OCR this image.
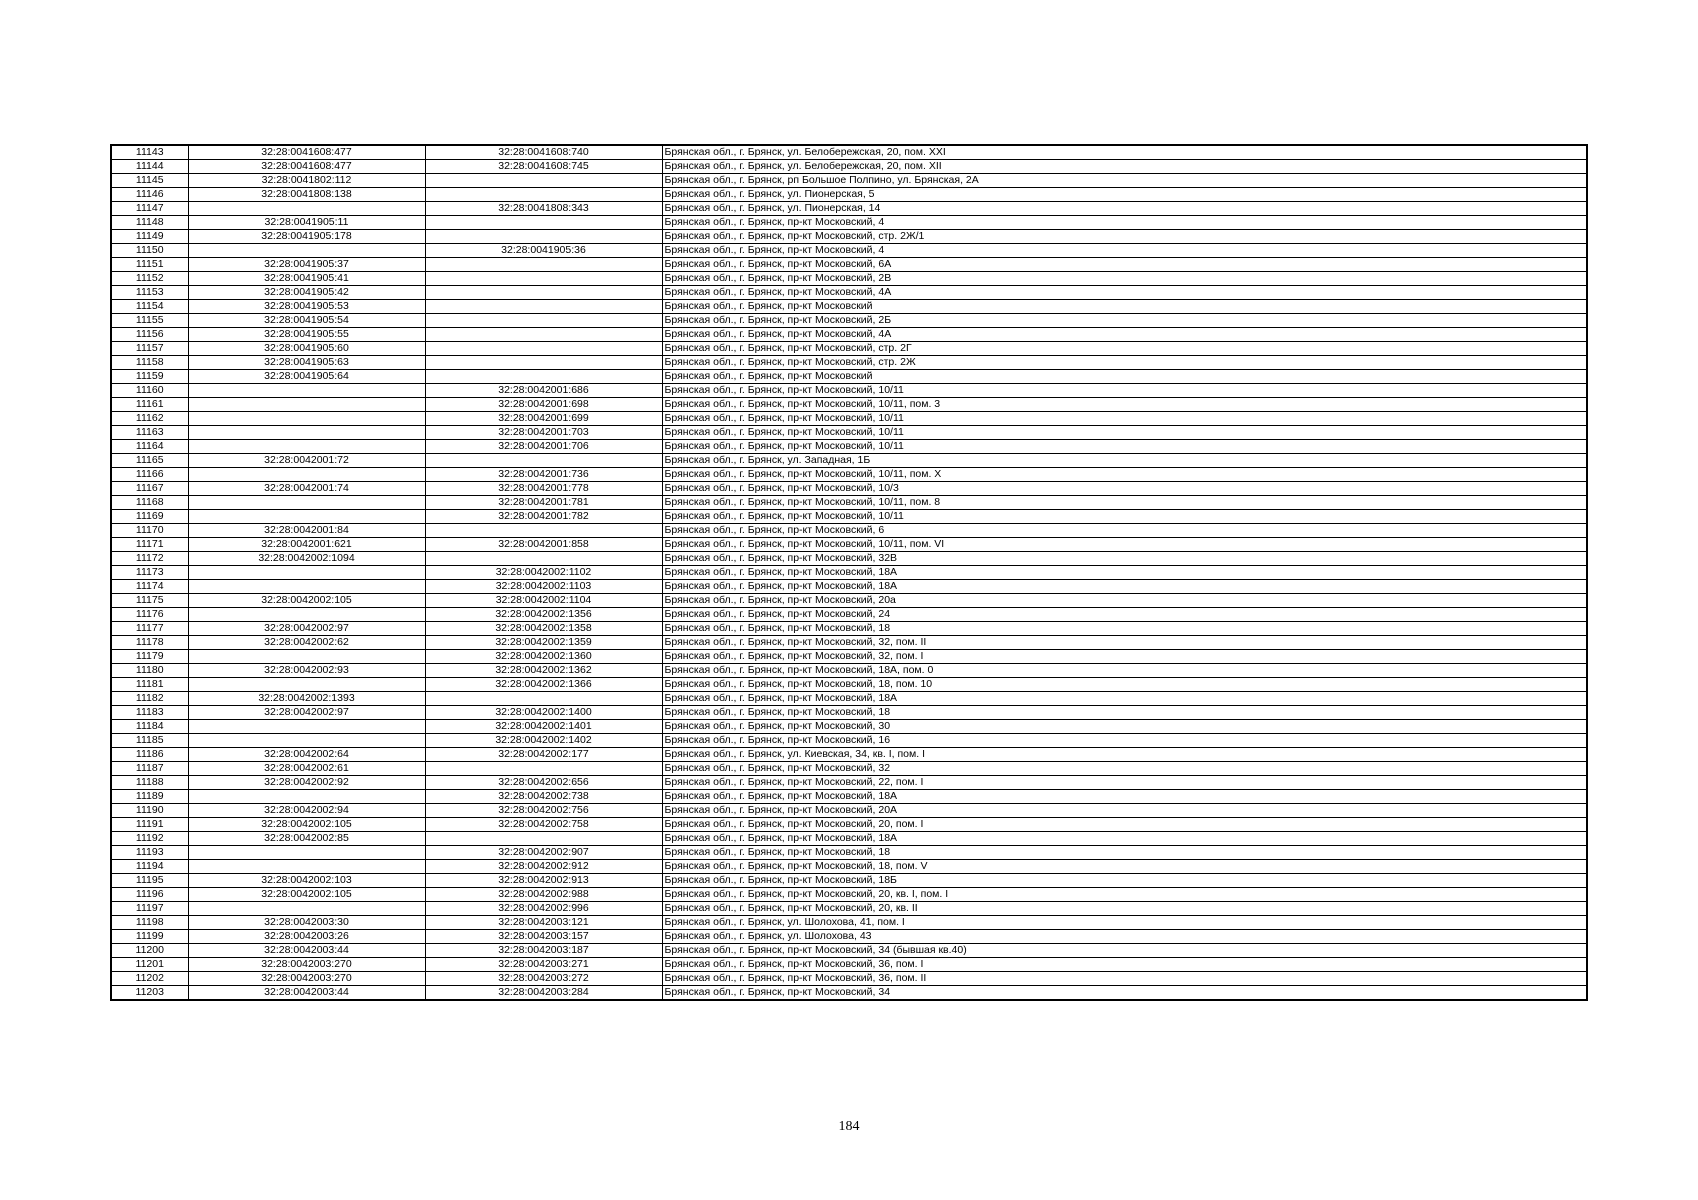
11143	32:28:0041608:477	32:28:0041608:740	Брянская обл., г. Брянск, ул. Белобережская, 20, пом. XXI
11144	32:28:0041608:477	32:28:0041608:745	Брянская обл., г. Брянск, ул. Белобережская, 20, пом. XII
11145	32:28:0041802:112		Брянская обл., г. Брянск, рп Большое Полпино, ул. Брянская, 2А
11146	32:28:0041808:138		Брянская обл., г. Брянск, ул. Пионерская, 5
11147		32:28:0041808:343	Брянская обл., г. Брянск, ул. Пионерская, 14
11148	32:28:0041905:11		Брянская обл., г. Брянск, пр-кт Московский, 4
11149	32:28:0041905:178		Брянская обл., г. Брянск, пр-кт Московский, стр. 2Ж/1
11150		32:28:0041905:36	Брянская обл., г. Брянск, пр-кт Московский, 4
11151	32:28:0041905:37		Брянская обл., г. Брянск, пр-кт Московский, 6А
11152	32:28:0041905:41		Брянская обл., г. Брянск, пр-кт Московский, 2В
11153	32:28:0041905:42		Брянская обл., г. Брянск, пр-кт Московский, 4А
11154	32:28:0041905:53		Брянская обл., г. Брянск, пр-кт Московский
11155	32:28:0041905:54		Брянская обл., г. Брянск, пр-кт Московский, 2Б
11156	32:28:0041905:55		Брянская обл., г. Брянск, пр-кт Московский, 4А
11157	32:28:0041905:60		Брянская обл., г. Брянск, пр-кт Московский, стр. 2Г
11158	32:28:0041905:63		Брянская обл., г. Брянск, пр-кт Московский, стр. 2Ж
11159	32:28:0041905:64		Брянская обл., г. Брянск, пр-кт Московский
11160		32:28:0042001:686	Брянская обл., г. Брянск, пр-кт Московский, 10/11
11161		32:28:0042001:698	Брянская обл., г. Брянск, пр-кт Московский, 10/11, пом. 3
11162		32:28:0042001:699	Брянская обл., г. Брянск, пр-кт Московский, 10/11
11163		32:28:0042001:703	Брянская обл., г. Брянск, пр-кт Московский, 10/11
11164		32:28:0042001:706	Брянская обл., г. Брянск, пр-кт Московский, 10/11
11165	32:28:0042001:72		Брянская обл., г. Брянск, ул. Западная, 1Б
11166		32:28:0042001:736	Брянская обл., г. Брянск, пр-кт Московский, 10/11, пом. X
11167	32:28:0042001:74	32:28:0042001:778	Брянская обл., г. Брянск, пр-кт Московский, 10/3
11168		32:28:0042001:781	Брянская обл., г. Брянск, пр-кт Московский, 10/11, пом. 8
11169		32:28:0042001:782	Брянская обл., г. Брянск, пр-кт Московский, 10/11
11170	32:28:0042001:84		Брянская обл., г. Брянск, пр-кт Московский, 6
11171	32:28:0042001:621	32:28:0042001:858	Брянская обл., г. Брянск, пр-кт Московский, 10/11, пом. VI
11172	32:28:0042002:1094		Брянская обл., г. Брянск, пр-кт Московский, 32В
11173		32:28:0042002:1102	Брянская обл., г. Брянск, пр-кт Московский, 18А
11174		32:28:0042002:1103	Брянская обл., г. Брянск, пр-кт Московский, 18А
11175	32:28:0042002:105	32:28:0042002:1104	Брянская обл., г. Брянск, пр-кт Московский, 20а
11176		32:28:0042002:1356	Брянская обл., г. Брянск, пр-кт Московский, 24
11177	32:28:0042002:97	32:28:0042002:1358	Брянская обл., г. Брянск, пр-кт Московский, 18
11178	32:28:0042002:62	32:28:0042002:1359	Брянская обл., г. Брянск, пр-кт Московский, 32, пом. II
11179		32:28:0042002:1360	Брянская обл., г. Брянск, пр-кт Московский, 32, пом. I
11180	32:28:0042002:93	32:28:0042002:1362	Брянская обл., г. Брянск, пр-кт Московский, 18А, пом. 0
11181		32:28:0042002:1366	Брянская обл., г. Брянск, пр-кт Московский, 18, пом. 10
11182	32:28:0042002:1393		Брянская обл., г. Брянск, пр-кт Московский, 18А
11183	32:28:0042002:97	32:28:0042002:1400	Брянская обл., г. Брянск, пр-кт Московский, 18
11184		32:28:0042002:1401	Брянская обл., г. Брянск, пр-кт Московский, 30
11185		32:28:0042002:1402	Брянская обл., г. Брянск, пр-кт Московский, 16
11186	32:28:0042002:64	32:28:0042002:177	Брянская обл., г. Брянск, ул. Киевская, 34, кв. I, пом. I
11187	32:28:0042002:61		Брянская обл., г. Брянск, пр-кт Московский, 32
11188	32:28:0042002:92	32:28:0042002:656	Брянская обл., г. Брянск, пр-кт Московский, 22, пом. I
11189		32:28:0042002:738	Брянская обл., г. Брянск, пр-кт Московский, 18А
11190	32:28:0042002:94	32:28:0042002:756	Брянская обл., г. Брянск, пр-кт Московский, 20А
11191	32:28:0042002:105	32:28:0042002:758	Брянская обл., г. Брянск, пр-кт Московский, 20, пом. I
11192	32:28:0042002:85		Брянская обл., г. Брянск, пр-кт Московский, 18А
11193		32:28:0042002:907	Брянская обл., г. Брянск, пр-кт Московский, 18
11194		32:28:0042002:912	Брянская обл., г. Брянск, пр-кт Московский, 18, пом. V
11195	32:28:0042002:103	32:28:0042002:913	Брянская обл., г. Брянск, пр-кт Московский, 18Б
11196	32:28:0042002:105	32:28:0042002:988	Брянская обл., г. Брянск, пр-кт Московский, 20, кв. I, пом. I
11197		32:28:0042002:996	Брянская обл., г. Брянск, пр-кт Московский, 20, кв. II
11198	32:28:0042003:30	32:28:0042003:121	Брянская обл., г. Брянск, ул. Шолохова, 41, пом. I
11199	32:28:0042003:26	32:28:0042003:157	Брянская обл., г. Брянск, ул. Шолохова, 43
11200	32:28:0042003:44	32:28:0042003:187	Брянская обл., г. Брянск, пр-кт Московский, 34 (бывшая кв.40)
11201	32:28:0042003:270	32:28:0042003:271	Брянская обл., г. Брянск, пр-кт Московский, 36, пом. I
11202	32:28:0042003:270	32:28:0042003:272	Брянская обл., г. Брянск, пр-кт Московский, 36, пом. II
11203	32:28:0042003:44	32:28:0042003:284	Брянская обл., г. Брянск, пр-кт Московский, 34
184
